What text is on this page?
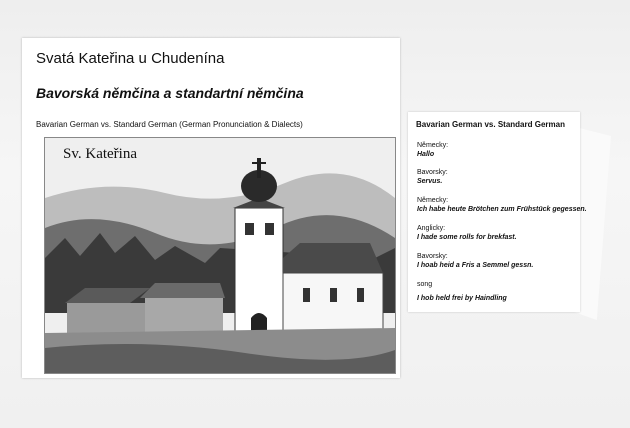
Svatá Kateřina u Chudenína
Bavorská němčina a standartní němčina
Bavarian German vs. Standard German (German Pronunciation & Dialects)
Sv. Kateřina
Bavarian German vs. Standard German
Německy:
Hallo
Bavorsky:
Servus.
Německy:
Ich habe heute Brötchen zum Frühstück gegessen.
Anglicky:
I hade some rolls for brekfast.
Bavorsky:
I hoab heid a Fris a Semmel gessn.
song
I hob held frei by Haindling
